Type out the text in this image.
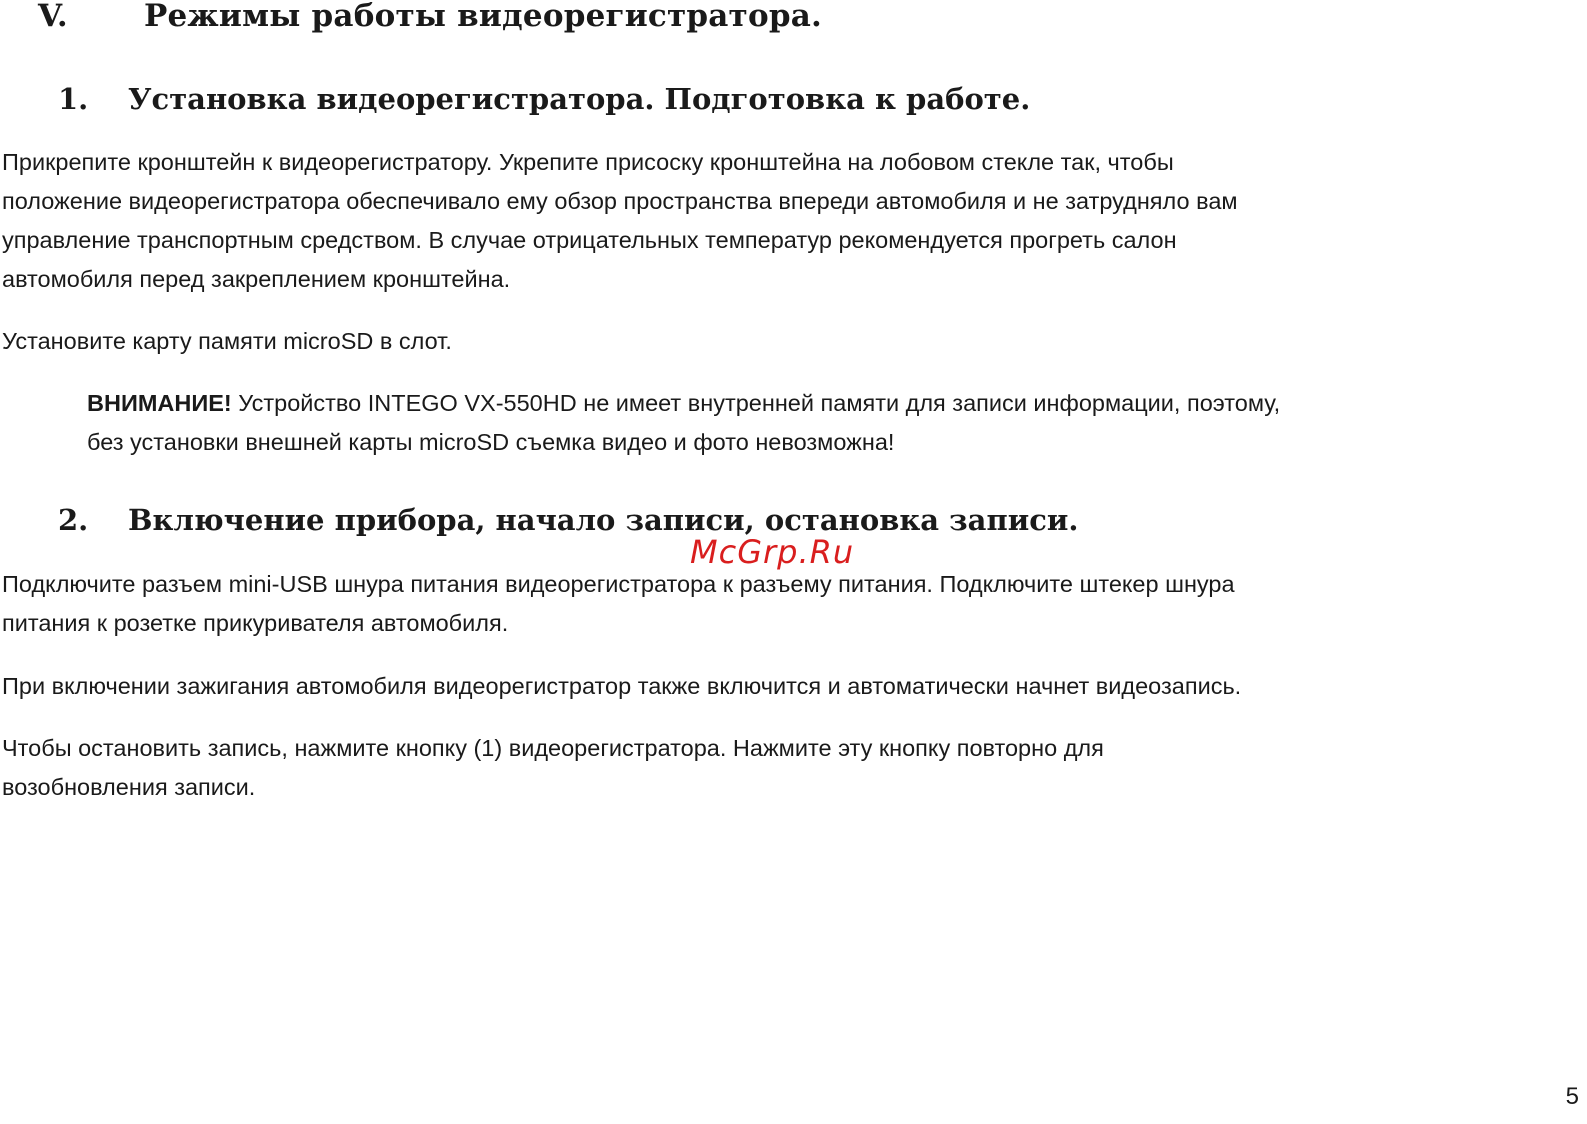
V. Режимы работы видеорегистратора.
1. Установка видеорегистратора. Подготовка к работе.

Прикрепите кронштейн к видеорегистратору. Укрепите присоску кронштейна на лобовом стекле так, чтобы
положение видеорегистратора обеспечивало ему обзор пространства впереди автомобиля и не затрудняло вам
управление транспортным средством. В случае отрицательных температур рекомендуется прогреть салон
автомобиля перед закреплением кронштейна.

Установите карту памяти microSD в слот.

ВНИМАНИЕ! Устройство INTEGO VX-550HD не имеет внутренней памяти для записи информации, поэтому,
без установки внешней карты microSD съемка видео и фото невозможна!

2. Включение прибора, начало записи, остановка записи.

McGrp.Ru

Подключите разъем mini-USB шнура питания видеорегистратора к разъему питания. Подключите штекер шнура
питания к розетке прикуривателя автомобиля.

При включении зажигания автомобиля видеорегистратор также включится и автоматически начнет видеозапись.

Чтобы остановить запись, нажмите кнопку (1) видеорегистратора. Нажмите эту кнопку повторно для
возобновления записи.

5
